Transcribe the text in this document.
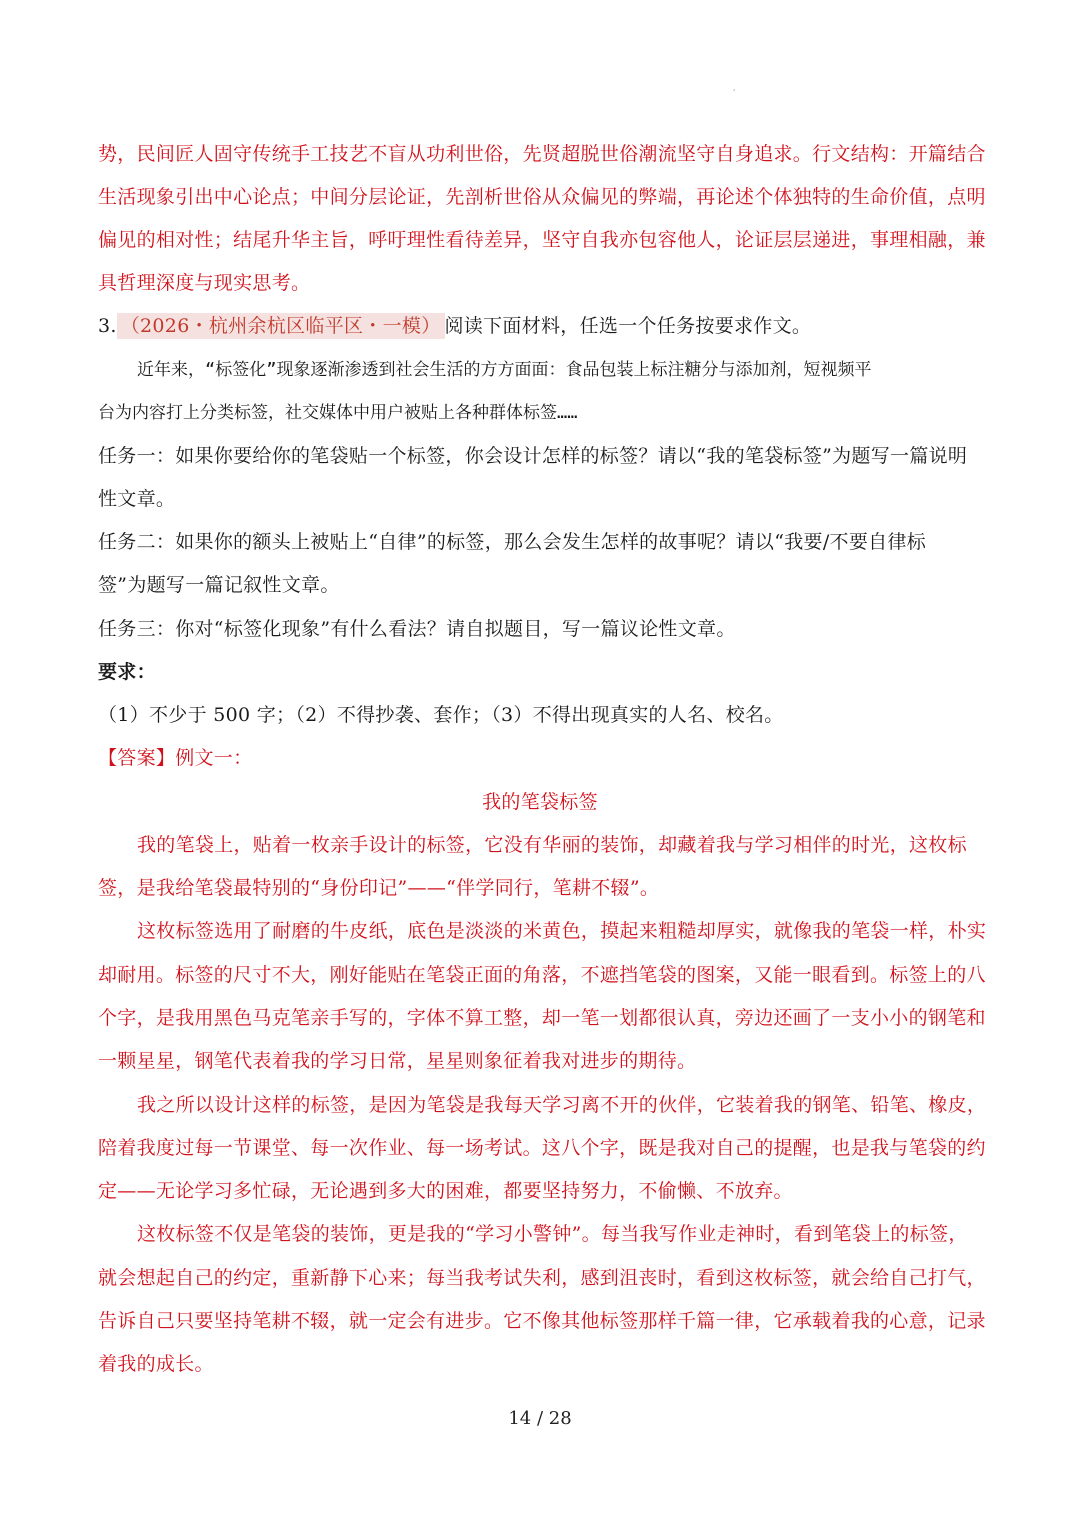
'
势，民间匠人固守传统手工技艺不盲从功利世俗，先贤超脱世俗潮流坚守自身追求。行文结构：开篇结合
生活现象引出中心论点；中间分层论证，先剖析世俗从众偏见的弊端，再论述个体独特的生命价值，点明
偏见的相对性；结尾升华主旨，呼吁理性看待差异，坚守自我亦包容他人，论证层层递进，事理相融，兼
具哲理深度与现实思考。
3. （2026・杭州余杭区临平区・一模） 阅读下面材料，任选一个任务按要求作文。
近年来，“标签化”现象逐渐渗透到社会生活的方方面面：食品包装上标注糖分与添加剂，短视频平
台为内容打上分类标签，社交媒体中用户被贴上各种群体标签……
任务一：如果你要给你的笔袋贴一个标签，你会设计怎样的标签？请以“我的笔袋标签”为题写一篇说明
性文章。
任务二：如果你的额头上被贴上“自律”的标签，那么会发生怎样的故事呢？请以“我要/不要自律标
签”为题写一篇记叙性文章。
任务三：你对“标签化现象”有什么看法？请自拟题目，写一篇议论性文章。
要求：
（1）不少于 500 字；（2）不得抄袭、套作；（3）不得出现真实的人名、校名。
【答案】例文一：
我的笔袋标签
我的笔袋上，贴着一枚亲手设计的标签，它没有华丽的装饰，却藏着我与学习相伴的时光，这枚标
签，是我给笔袋最特别的“身份印记”——“伴学同行，笔耕不辍”。
这枚标签选用了耐磨的牛皮纸，底色是淡淡的米黄色，摸起来粗糙却厚实，就像我的笔袋一样，朴实
却耐用。标签的尺寸不大，刚好能贴在笔袋正面的角落，不遮挡笔袋的图案，又能一眼看到。标签上的八
个字，是我用黑色马克笔亲手写的，字体不算工整，却一笔一划都很认真，旁边还画了一支小小的钢笔和
一颗星星，钢笔代表着我的学习日常，星星则象征着我对进步的期待。
我之所以设计这样的标签，是因为笔袋是我每天学习离不开的伙伴，它装着我的钢笔、铅笔、橡皮，
陪着我度过每一节课堂、每一次作业、每一场考试。这八个字，既是我对自己的提醒，也是我与笔袋的约
定——无论学习多忙碌，无论遇到多大的困难，都要坚持努力，不偷懒、不放弃。
这枚标签不仅是笔袋的装饰，更是我的“学习小警钟”。每当我写作业走神时，看到笔袋上的标签，
就会想起自己的约定，重新静下心来；每当我考试失利，感到沮丧时，看到这枚标签，就会给自己打气，
告诉自己只要坚持笔耕不辍，就一定会有进步。它不像其他标签那样千篇一律，它承载着我的心意，记录
着我的成长。
14 / 28
